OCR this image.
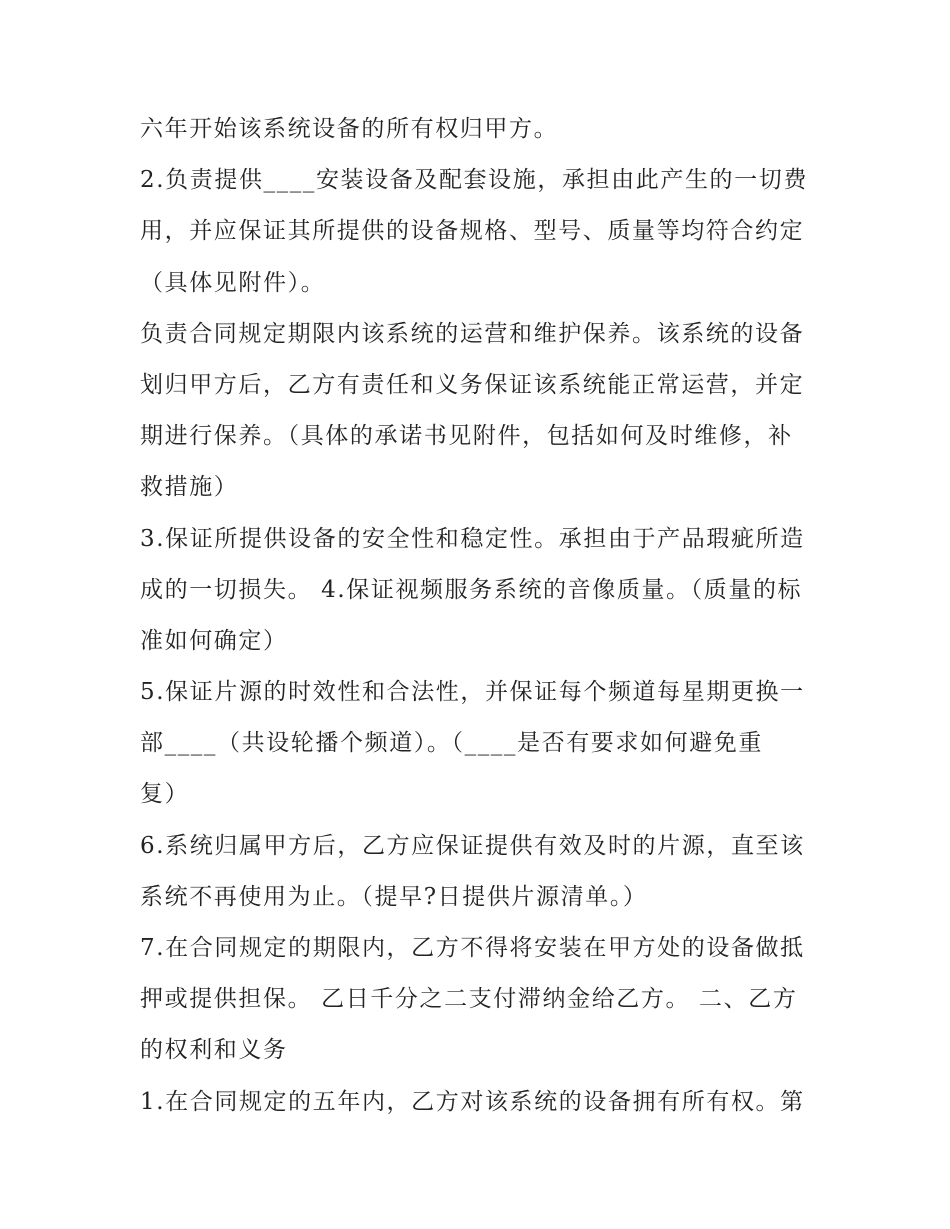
六年开始该系统设备的所有权归甲方。
2.负责提供____安装设备及配套设施，承担由此产生的一切费
用，并应保证其所提供的设备规格、型号、质量等均符合约定
（具体见附件）。
负责合同规定期限内该系统的运营和维护保养。该系统的设备
划归甲方后，乙方有责任和义务保证该系统能正常运营，并定
期进行保养。（具体的承诺书见附件，包括如何及时维修，补
救措施）
3.保证所提供设备的安全性和稳定性。承担由于产品瑕疵所造
成的一切损失。 4.保证视频服务系统的音像质量。（质量的标
准如何确定）
5.保证片源的时效性和合法性，并保证每个频道每星期更换一
部____（共设轮播个频道）。（____是否有要求如何避免重
复）
6.系统归属甲方后，乙方应保证提供有效及时的片源，直至该
系统不再使用为止。（提早?日提供片源清单。）
7.在合同规定的期限内，乙方不得将安装在甲方处的设备做抵
押或提供担保。 乙日千分之二支付滞纳金给乙方。 二、乙方
的权利和义务
1.在合同规定的五年内，乙方对该系统的设备拥有所有权。第
